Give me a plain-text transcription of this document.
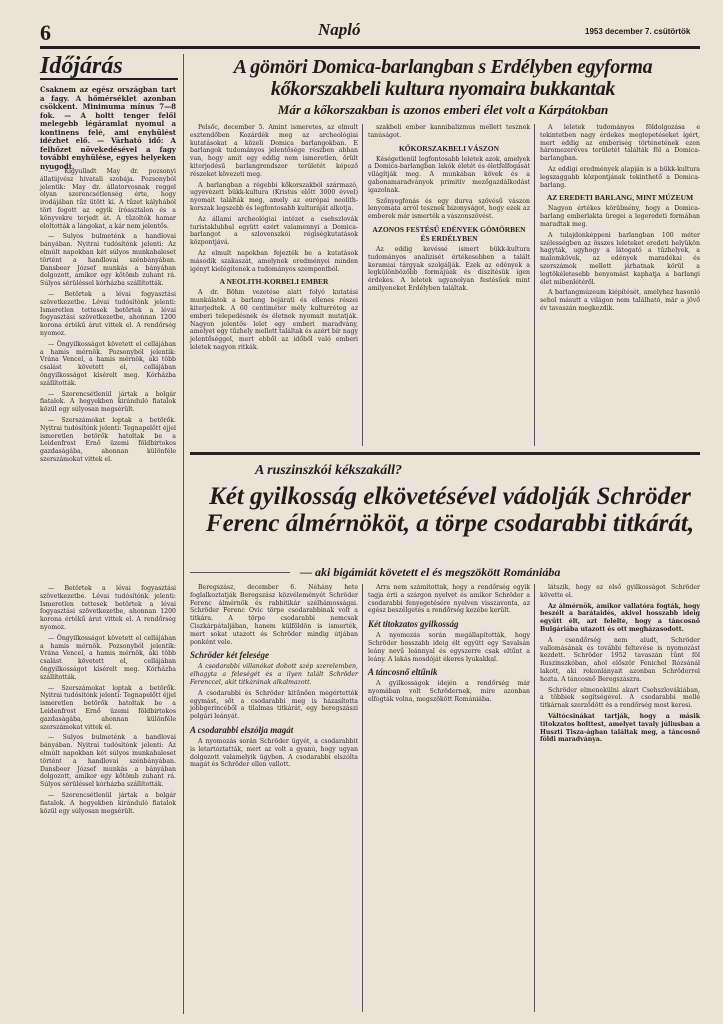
6	Napló	1953 december 7. csütörtök
Időjárás
Csaknem az egész országban tart a fagy. A hőmérséklet azonban csökkent. Minimuma mínus 7—8 fok. — A holtt tenger felől melegebb légáramlat nyomul a kontinens felé, ami enyhülést idézhet elő. — Várható idő: A felhőzet növekedésével a fagy további enyhülése, egyes helyeken nyugodt.

— Kigyulladt May dr. pozsonyi állatújvész hivatali szobája. Pozsonyból jelentik: May dr. állatorvosnak reggel olyan szerencsétlenség érte, hogy irodájában tűz ütött ki. A tűzet kályhából tört fogott az egyik íróasztalon és a könyvekre terjedt át. A tűzoltók hamar eloltották a lángokat, a kár nem jelentős.

— Sulyos bulmeténk a handlovai bányában. Nyitrai tudósítónk jelenti: Az elmúlt napokban két súlyos munkabaleset történt a handlovai szénbányában. Dansbeer József munkás a bányában dolgozott, amikor egy kőtömb zuhant rá. Súlyos sérüléssel kórházba szállították.

— Betörtek a lévai fogyasztási szövetkezetbe. Lévai tudósítónk jelenti: Ismeretlen tettesek betörtek a lévai fogyasztási szövetkezetbe, ahonnan 1200 korona értékű árut vittek el. A rendőrség nyomoz.

— Öngyilkosságot követett el cellájában a hamis mérnök. Pozsonyból jelentik: Vrána Vencel, a hamis mérnök, aki több csalást követett el, cellájában öngyilkosságot kísérelt meg. Kórházba szállították.

— Szerencsétlenül jártak a bolgár fiatalok. A hegyekben kiránduló fiatalok közül egy súlyosan megsérült.

— Szerszámokat loptak a betörők. Nyitrai tudósítónk jelenti: Tegnapelőtt éjjel ismeretlen betörők hatoltak be a Leidenfrost Ernő üzemi földbirtokos gazdaságába, ahonnan különféle szerszámokat vittek el.

— Betörtek a lévai fogyasztási szövetkezetbe. Lévai tudósítónk jelenti: Ismeretlen tettesek betörtek a lévai fogyasztási szövetkezetbe, ahonnan 1200 korona értékű árut vittek el. A rendőrség nyomoz.

— Öngyilkosságot követett el cellájában a hamis mérnök. Pozsonyból jelentik: Vrána Vencel, a hamis mérnök, aki több csalást követett el, cellájában öngyilkosságot kísérelt meg. Kórházba szállították.

— Szerszámokat loptak a betörők. Nyitrai tudósítónk jelenti: Tegnapelőtt éjjel ismeretlen betörők hatoltak be a Leidenfrost Ernő üzemi földbirtokos gazdaságába, ahonnan különféle szerszámokat vittek el.

— Sulyos bulmeténk a handlovai bányában. Nyitrai tudósítónk jelenti: Az elmúlt napokban két súlyos munkabaleset történt a handlovai szénbányában. Dansbeer József munkás a bányában dolgozott, amikor egy kőtömb zuhant rá. Súlyos sérüléssel kórházba szállították.

— Szerencsétlenül jártak a bolgár fiatalok. A hegyekben kiránduló fiatalok közül egy súlyosan megsérült.

A gömöri Domica-barlangban s Erdélyben egyforma kőkorszakbeli kultura nyomaira bukkantak
Már a kőkorszakban is azonos emberi élet volt a Kárpátokban

Pelsőc, december 5. Amint ismeretes, az elmult esztendőben Kozárdék meg az archeológiai kutatásokat a közeli Domica barlangokban. E barlangok tudományos jelentősége részben abban van, hogy amit egy eddig nem ismeretlen, őrült kiterjedésű barlangrendszer területét képező részeket kövezeti meg.

A barlangban a régebbi kőkorszakból származó, ugyevezett bükk-kultura (Kristus előtt 3000 évvel) nyomait találták meg, amely az európai neolith-korszak legszebb és legfontosabb kulturáját alkotja.

Az állami archeológiai intézet a csehszlovák turistaklubbal együtt ezért valamennyi a Domica-barlangot a szlovenszkói régiségkutatások központjává.

Az elmult napokban fejezték be a kutatások második szakaszát, amelynek eredményei minden igényt kielégítenek a tudományos szempontból.

A NEOLITH-KORBELI EMBER

A dr. Böhm vezetése alatt folyó kutatási munkálatok a barlang bejárati és ellenes részei kiterjedtek. A 60 centiméter mély kulturréteg az emberi telepedésnek és életnek nyomait mutatják. Nagyon jelentős lelet egy emberi maradvány, amelyet egy tűzhely mellett találtak és azért bír nagy jelentőséggel, mert ebből az időből való emberi leletek nagyon ritkák.

szakbeli ember kannibalizmus mellett tesznek tanúságot.

KŐKORSZAKBELI VÁSZON

Késégetlenül legfontosabb leletek azok, amelyek a Domica-barlangban lakók életét és életfelfogását világítják meg. A munkában kövek és a gabonamaradványok primitív mezőgazdálkodást igazolnak.

Szőnyegfonás és egy durva szövésű vászon lenyomata arról tesznek bizonyságot, hogy ezek az emberek már ismerték a vászonszövést.

AZONOS FESTÉSŰ EDÉNYEK GÖMÖRBEN ÉS ERDÉLYBEN

Az eddig kevéssé ismert bükk-kultura tudományos analizisét értékesebben a talált keramiai tárgyak szolgálják. Ezek az edények a legkülönbözőbb formájúak és díszítésük igen érdekes. A leletek ugyanolyan festésűek mint amilyeneket Erdélyben találtak.

A leletek tudományos földolgozása e tekintetben nagy érdekes meglepetéseket ígért, mert eddig az emberiség történetének ezen háromezeréves területét találták föl a Domica-barlangban.

Az eddigi eredmények alapján is a bükk-kultura legszaggabb központjának tekinthető a Domica-barlang.

AZ EREDETI BARLANG, MINT MÚZEUM

Nagyon értékes körülmény, hogy a Domica-barlang emberlakta üregei a legeredeti formában maradtak meg.

A tulajdonképpeni barlangban 100 méter szélességben az összes leleteket eredeti helyükön hagyták, ugyhogy a látogató a tűzhelyek, a malomkövek, az edények maradékai és szerszámok mellett járhatnak körül a legtökéletesebb benyomást kaphatja a barlangi élet mibenlétéről.

A barlangmúzeum kiépítését, amelyhez hasonló sehol másutt a világon nem található, már a jövő év tavaszán megkezdik.

A ruszinszkói kékszakáll?
Két gyilkosság elkövetésével vádolják Schröder Ferenc álmérnököt, a törpe csodarabbi titkárát,
— aki bigámiát követett el és megszökött Romániába

Beregszász, december 6. Néhány hete foglalkoztatják Beregszász közvéleményét Schröder Ferenc álmérnök és rabbitikár szélhámosságai. Schröder Ferenc Ovic törpe csodarabbinak volt a titkára. A törpe csodarabbi nemcsak Ciszkárpátaljában, hanem külföldön is ismerték, mert sokat utazott és Schröder mindig útjában ponként vele.

Schröder két felesége

A csodarabbi villanókat dobott szép szerelemben, elhagyta a feleségét és a ilyen talált Schröder Ferenccel, akit titkárának alkalmazott.

A csodarabbi és Schröder kitűnően megértették egymást, sőt a csodarabbi meg is házasította jobbgerincéből a tilalmas titkárát, egy beregszászi polgári leányát.

A csodarabbi elszólja magát

A nyomozás során Schröder ügyét, a csodarabbit is letartóztatták, mert az volt a gyanú, hogy ugyan dolgozott valamelyik ügyben. A csodarabbi elszólta magát és Schröder ellen vallott.

Arra nem számítottak, hogy a rendőrség egyik tagja érti a szárgon nyelvet és amikor Schröder a csodarabbi fenyegetésére nyelven visszavonta, az egész beszélgetés a rendőrség kezébe került.

Két titokzatos gyilkosság

A nyomozás során megállapították, hogy Schröder hosszabb ideig élt együtt egy Savalsán leány nevű leánnyal és egyszerre csak eltűnt a leány. A lakás mosdóját ékeres lyukakkal.

A táncosnő eltűnik

A gyilkosságok idején a rendőrség már nyomában volt Schrödernek, mire azonban elfogták volna, megszökött Romániába.

látszik, hogy ez első gyilkosságot Schröder követte el.

Az álmérnök, amikor vallatóra fogták, hogy beszélt a barátaidés, akivel hosszabb ideig együtt élt, azt felelte, hogy a táncosnő Bulgáriába utazott és ott megházasodott.

A csendőrség nem aludt, Schröder vallomásának és további feltevése is nyomozást kezdett. Schröder 1952 tavaszán tűnt föl Ruszinszkóban, ahol először Fenichel Rózsánál lakott, aki rokonlányait azonban Schröderrel hozta. A táncosnő Beregszászra.

Schröder elmenekülni akart Csehszlovákiában, a többiek segítségével. A csodarabbi mellé titkárnak szerződött és a rendőrség most keresi.

Váltócsinákat tartják, hogy a másik titokzatos holttest, amelyet tavaly júliusban a Huszti Tisza-ágban találtak meg, a táncosnő földi maradványa.
